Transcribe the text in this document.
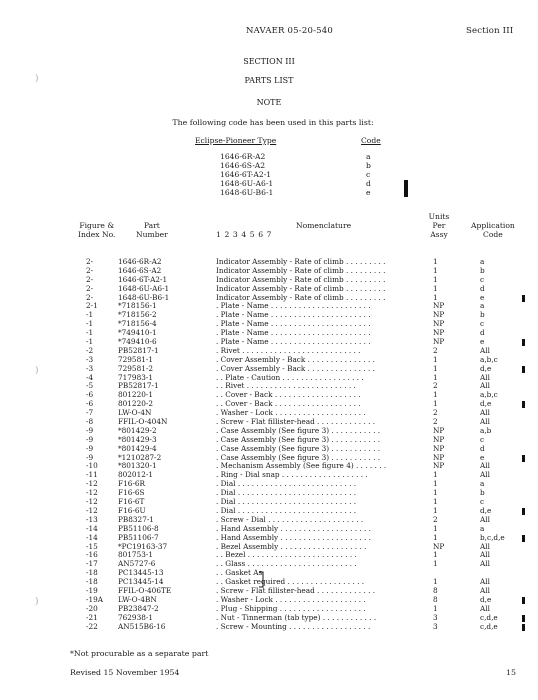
NAVAER 05-20-540	Section III
SECTION III
PARTS LIST
NOTE
The following code has been used in this parts list:
Eclipse-Pioneer Type	Code
1646-6R-A2	a
1646-6S-A2	b
1646-6T-A2-1	c
1648-6U-A6-1	d
1648-6U-B6-1	e
Figure &
Index No.
Part
Number
Nomenclature
1 2 3 4 5 6 7
Units
Per
Assy
Application
Code
2-	1646-6R-A2	Indicator Assembly - Rate of climb . . . . . . . . .	1	a
2-	1646-6S-A2	Indicator Assembly - Rate of climb . . . . . . . . .	1	b
2-	1646-6T-A2-1	Indicator Assembly - Rate of climb . . . . . . . . .	1	c
2-	1648-6U-A6-1	Indicator Assembly - Rate of climb . . . . . . . . .	1	d
2-	1648-6U-B6-1	Indicator Assembly - Rate of climb . . . . . . . . .	1	e
2-1	*718156-1	. Plate - Name . . . . . . . . . . . . . . . . . . . . . .	NP	a
-1	*718156-2	. Plate - Name . . . . . . . . . . . . . . . . . . . . . .	NP	b
-1	*718156-4	. Plate - Name . . . . . . . . . . . . . . . . . . . . . .	NP	c
-1	*749410-1	. Plate - Name . . . . . . . . . . . . . . . . . . . . . .	NP	d
-1	*749410-6	. Plate - Name . . . . . . . . . . . . . . . . . . . . . .	NP	e
-2	PB52817-1	. Rivet . . . . . . . . . . . . . . . . . . . . . . . . . .	2	All
-3	729581-1	. Cover Assembly - Back . . . . . . . . . . . . . . .	1	a,b,c
-3	729581-2	. Cover Assembly - Back . . . . . . . . . . . . . . .	1	d,e
-4	717983-1	. . Plate - Caution . . . . . . . . . . . . . . . . . .	1	All
-5	PB52817-1	. . Rivet . . . . . . . . . . . . . . . . . . . . . . . .	2	All
-6	801220-1	. . Cover - Back . . . . . . . . . . . . . . . . . . .	1	a,b,c
-6	801220-2	. . Cover - Back . . . . . . . . . . . . . . . . . . .	1	d,e
-7	LW-O-4N	. Washer - Lock . . . . . . . . . . . . . . . . . . . .	2	All
-8	FFIL-O-404N	. Screw - Flat fillister-head . . . . . . . . . . . . .	2	All
-9	*801429-2	. Case Assembly (See figure 3) . . . . . . . . . . .	NP	a,b
-9	*801429-3	. Case Assembly (See figure 3) . . . . . . . . . . .	NP	c
-9	*801429-4	. Case Assembly (See figure 3) . . . . . . . . . . .	NP	d
-9	*1210287-2	. Case Assembly (See figure 3) . . . . . . . . . . .	NP	e
-10	*801320-1	. Mechanism Assembly (See figure 4) . . . . . . .	NP	All
-11	802012-1	. Ring - Dial snap . . . . . . . . . . . . . . . . . . .	1	All
-12	F16-6R	. Dial . . . . . . . . . . . . . . . . . . . . . . . . . .	1	a
-12	F16-6S	. Dial . . . . . . . . . . . . . . . . . . . . . . . . . .	1	b
-12	F16-6T	. Dial . . . . . . . . . . . . . . . . . . . . . . . . . .	1	c
-12	F16-6U	. Dial . . . . . . . . . . . . . . . . . . . . . . . . . .	1	d,e
-13	PB8327-1	. Screw - Dial . . . . . . . . . . . . . . . . . . . . .	2	All
-14	PB51106-8	. Hand Assembly . . . . . . . . . . . . . . . . . . . .	1	a
-14	PB51106-7	. Hand Assembly . . . . . . . . . . . . . . . . . . . .	1	b,c,d,e
-15	*PC19163-37	. Bezel Assembly . . . . . . . . . . . . . . . . . . .	NP	All
-16	801753-1	. . Bezel . . . . . . . . . . . . . . . . . . . . . . . .	1	All
-17	AN5727-6	. . Glass . . . . . . . . . . . . . . . . . . . . . . . .	1	All
-18	PC13445-13	. . Gasket As
-18	PC13445-14	. . Gasket required . . . . . . . . . . . . . . . . .	1	All
-19	FFIL-O-406TE	. Screw - Flat fillister-head . . . . . . . . . . . . .	8	All
-19A LW-O-4BN	. Washer - Lock . . . . . . . . . . . . . . . . . . . .	8	d,e
-20	PB23847-2	. Plug - Shipping . . . . . . . . . . . . . . . . . . .	1	All
-21	762938-1	. Nut - Tinnerman (tab type) . . . . . . . . . . . .	3	c,d,e
-22	AN515B6-16	. Screw - Mounting . . . . . . . . . . . . . . . . . .	3	c,d,e
*Not procurable as a separate part
Revised 15 November 1954	15
)
)
)
